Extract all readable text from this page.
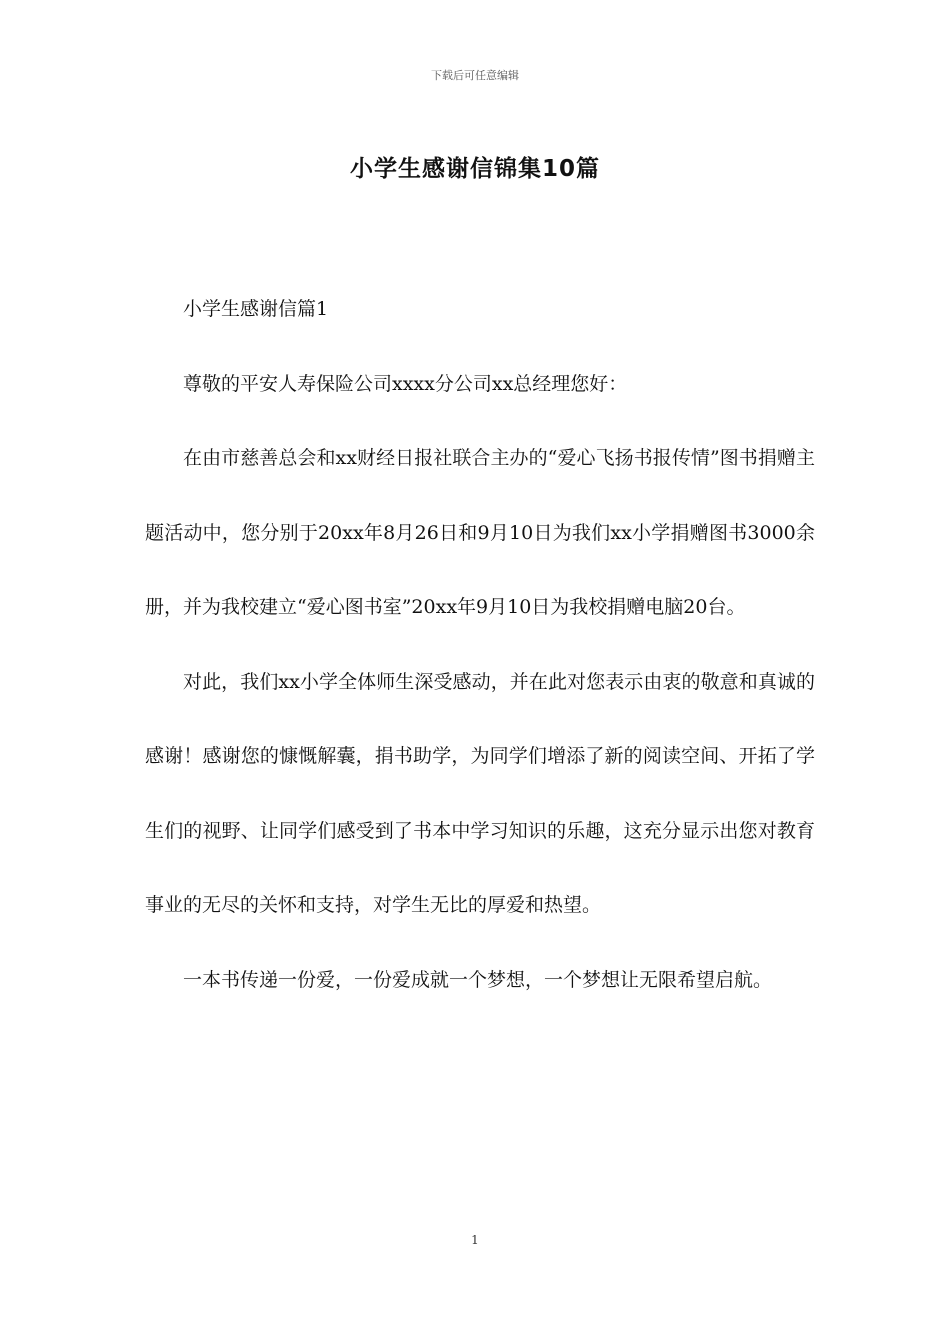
下载后可任意编辑
小学生感谢信锦集10篇

小学生感谢信篇1

尊敬的平安人寿保险公司xxxx分公司xx总经理您好：

在由市慈善总会和xx财经日报社联合主办的“爱心飞扬书报传情”图书捐赠主题活动中，您分别于20xx年8月26日和9月10日为我们xx小学捐赠图书3000余册，并为我校建立“爱心图书室”20xx年9月10日为我校捐赠电脑20台。

对此，我们xx小学全体师生深受感动，并在此对您表示由衷的敬意和真诚的感谢！感谢您的慷慨解囊，捐书助学，为同学们增添了新的阅读空间、开拓了学生们的视野、让同学们感受到了书本中学习知识的乐趣，这充分显示出您对教育事业的无尽的关怀和支持，对学生无比的厚爱和热望。

一本书传递一份爱，一份爱成就一个梦想，一个梦想让无限希望启航。

1
